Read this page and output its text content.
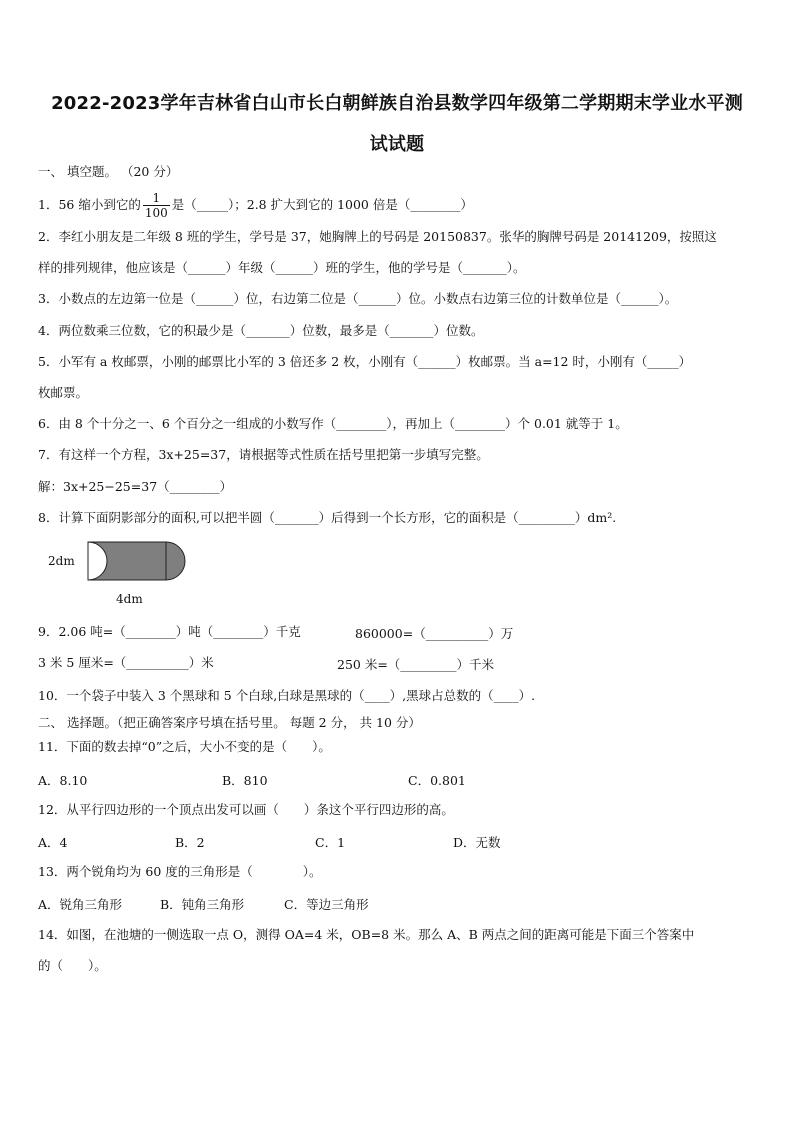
2022-2023学年吉林省白山市长白朝鲜族自治县数学四年级第二学期期末学业水平测
试试题
一、 填空题。 （20 分）
1．56 缩小到它的 $\frac{1}{100}$ 是（_____）；2.8 扩大到它的 1000 倍是（________）
2．李红小朋友是二年级 8 班的学生，学号是 37，她胸牌上的号码是 20150837。张华的胸牌号码是 20141209，按照这
样的排列规律，他应该是（______）年级（______）班的学生，他的学号是（_______）。
3．小数点的左边第一位是（______）位，右边第二位是（______）位。小数点右边第三位的计数单位是（______）。
4．两位数乘三位数，它的积最少是（_______）位数，最多是（_______）位数。
5．小军有 a 枚邮票，小刚的邮票比小军的 3 倍还多 2 枚，小刚有（______）枚邮票。当 a=12 时，小刚有（_____）
枚邮票。
6．由 8 个十分之一、6 个百分之一组成的小数写作（________），再加上（________）个 0.01 就等于 1。
7．有这样一个方程，3x+25=37，请根据等式性质在括号里把第一步填写完整。
解：3x+25−25=37（________）
8．计算下面阴影部分的面积,可以把半圆（_______）后得到一个长方形，它的面积是（_________）dm².
2dm
4dm
9．2.06 吨=（________）吨（________）千克	860000=（__________）万
3 米 5 厘米=（__________）米	250 米=（_________）千米
10．一个袋子中装入 3 个黑球和 5 个白球,白球是黑球的（____）,黑球占总数的（____）.
二、 选择题。（把正确答案序号填在括号里。 每题 2 分， 共 10 分）
11．下面的数去掉“0”之后，大小不变的是（　　）。
A．8.10	B．810	C．0.801
12．从平行四边形的一个顶点出发可以画（　　）条这个平行四边形的高。
A．4	B．2	C．1	D．无数
13．两个锐角均为 60 度的三角形是（　　　　）。
A．锐角三角形	B．钝角三角形	C．等边三角形
14．如图，在池塘的一侧选取一点 O，测得 OA=4 米，OB=8 米。那么 A、B 两点之间的距离可能是下面三个答案中
的（　　）。
